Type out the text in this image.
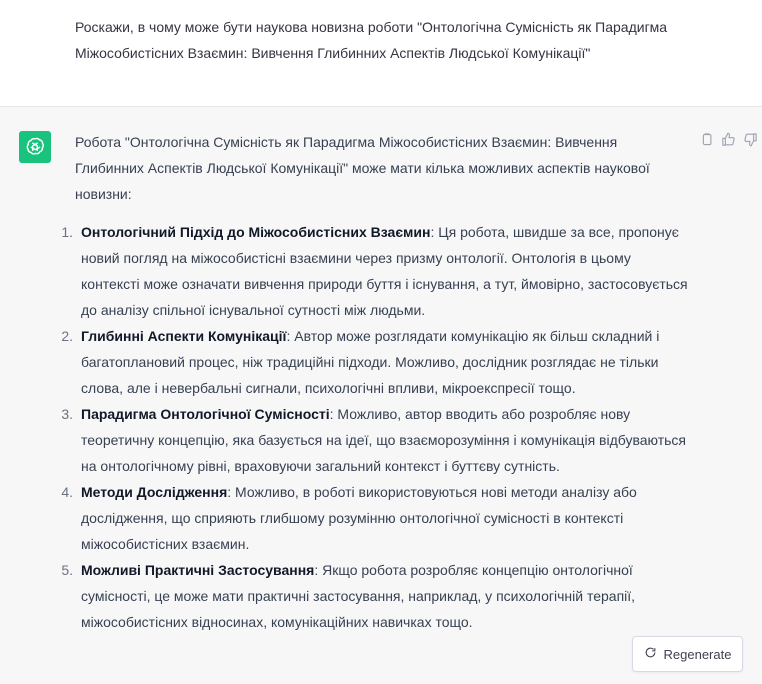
Роскажи, в чому може бути наукова новизна роботи "Онтологічна Сумісність як Парадигма Міжособистісних Взаємин: Вивчення Глибинних Аспектів Людської Комунікації"

Робота "Онтологічна Сумісність як Парадигма Міжособистісних Взаємин: Вивчення Глибинних Аспектів Людської Комунікації" може мати кілька можливих аспектів наукової новизни:

1. Онтологічний Підхід до Міжособистісних Взаємин: Ця робота, швидше за все, пропонує новий погляд на міжособистісні взаємини через призму онтології. Онтологія в цьому контексті може означати вивчення природи буття і існування, а тут, ймовірно, застосовується до аналізу спільної існувальної сутності між людьми.
2. Глибинні Аспекти Комунікації: Автор може розглядати комунікацію як більш складний і багатоплановий процес, ніж традиційні підходи. Можливо, дослідник розглядає не тільки слова, але і невербальні сигнали, психологічні впливи, мікроекспресії тощо.
3. Парадигма Онтологічної Сумісності: Можливо, автор вводить або розробляє нову теоретичну концепцію, яка базується на ідеї, що взаєморозуміння і комунікація відбуваються на онтологічному рівні, враховуючи загальний контекст і буттєву сутність.
4. Методи Дослідження: Можливо, в роботі використовуються нові методи аналізу або дослідження, що сприяють глибшому розумінню онтологічної сумісності в контексті міжособистісних взаємин.
5. Можливі Практичні Застосування: Якщо робота розробляє концепцію онтологічної сумісності, це може мати практичні застосування, наприклад, у психологічній терапії, міжособистісних відносинах, комунікаційних навичках тощо.
Regenerate
